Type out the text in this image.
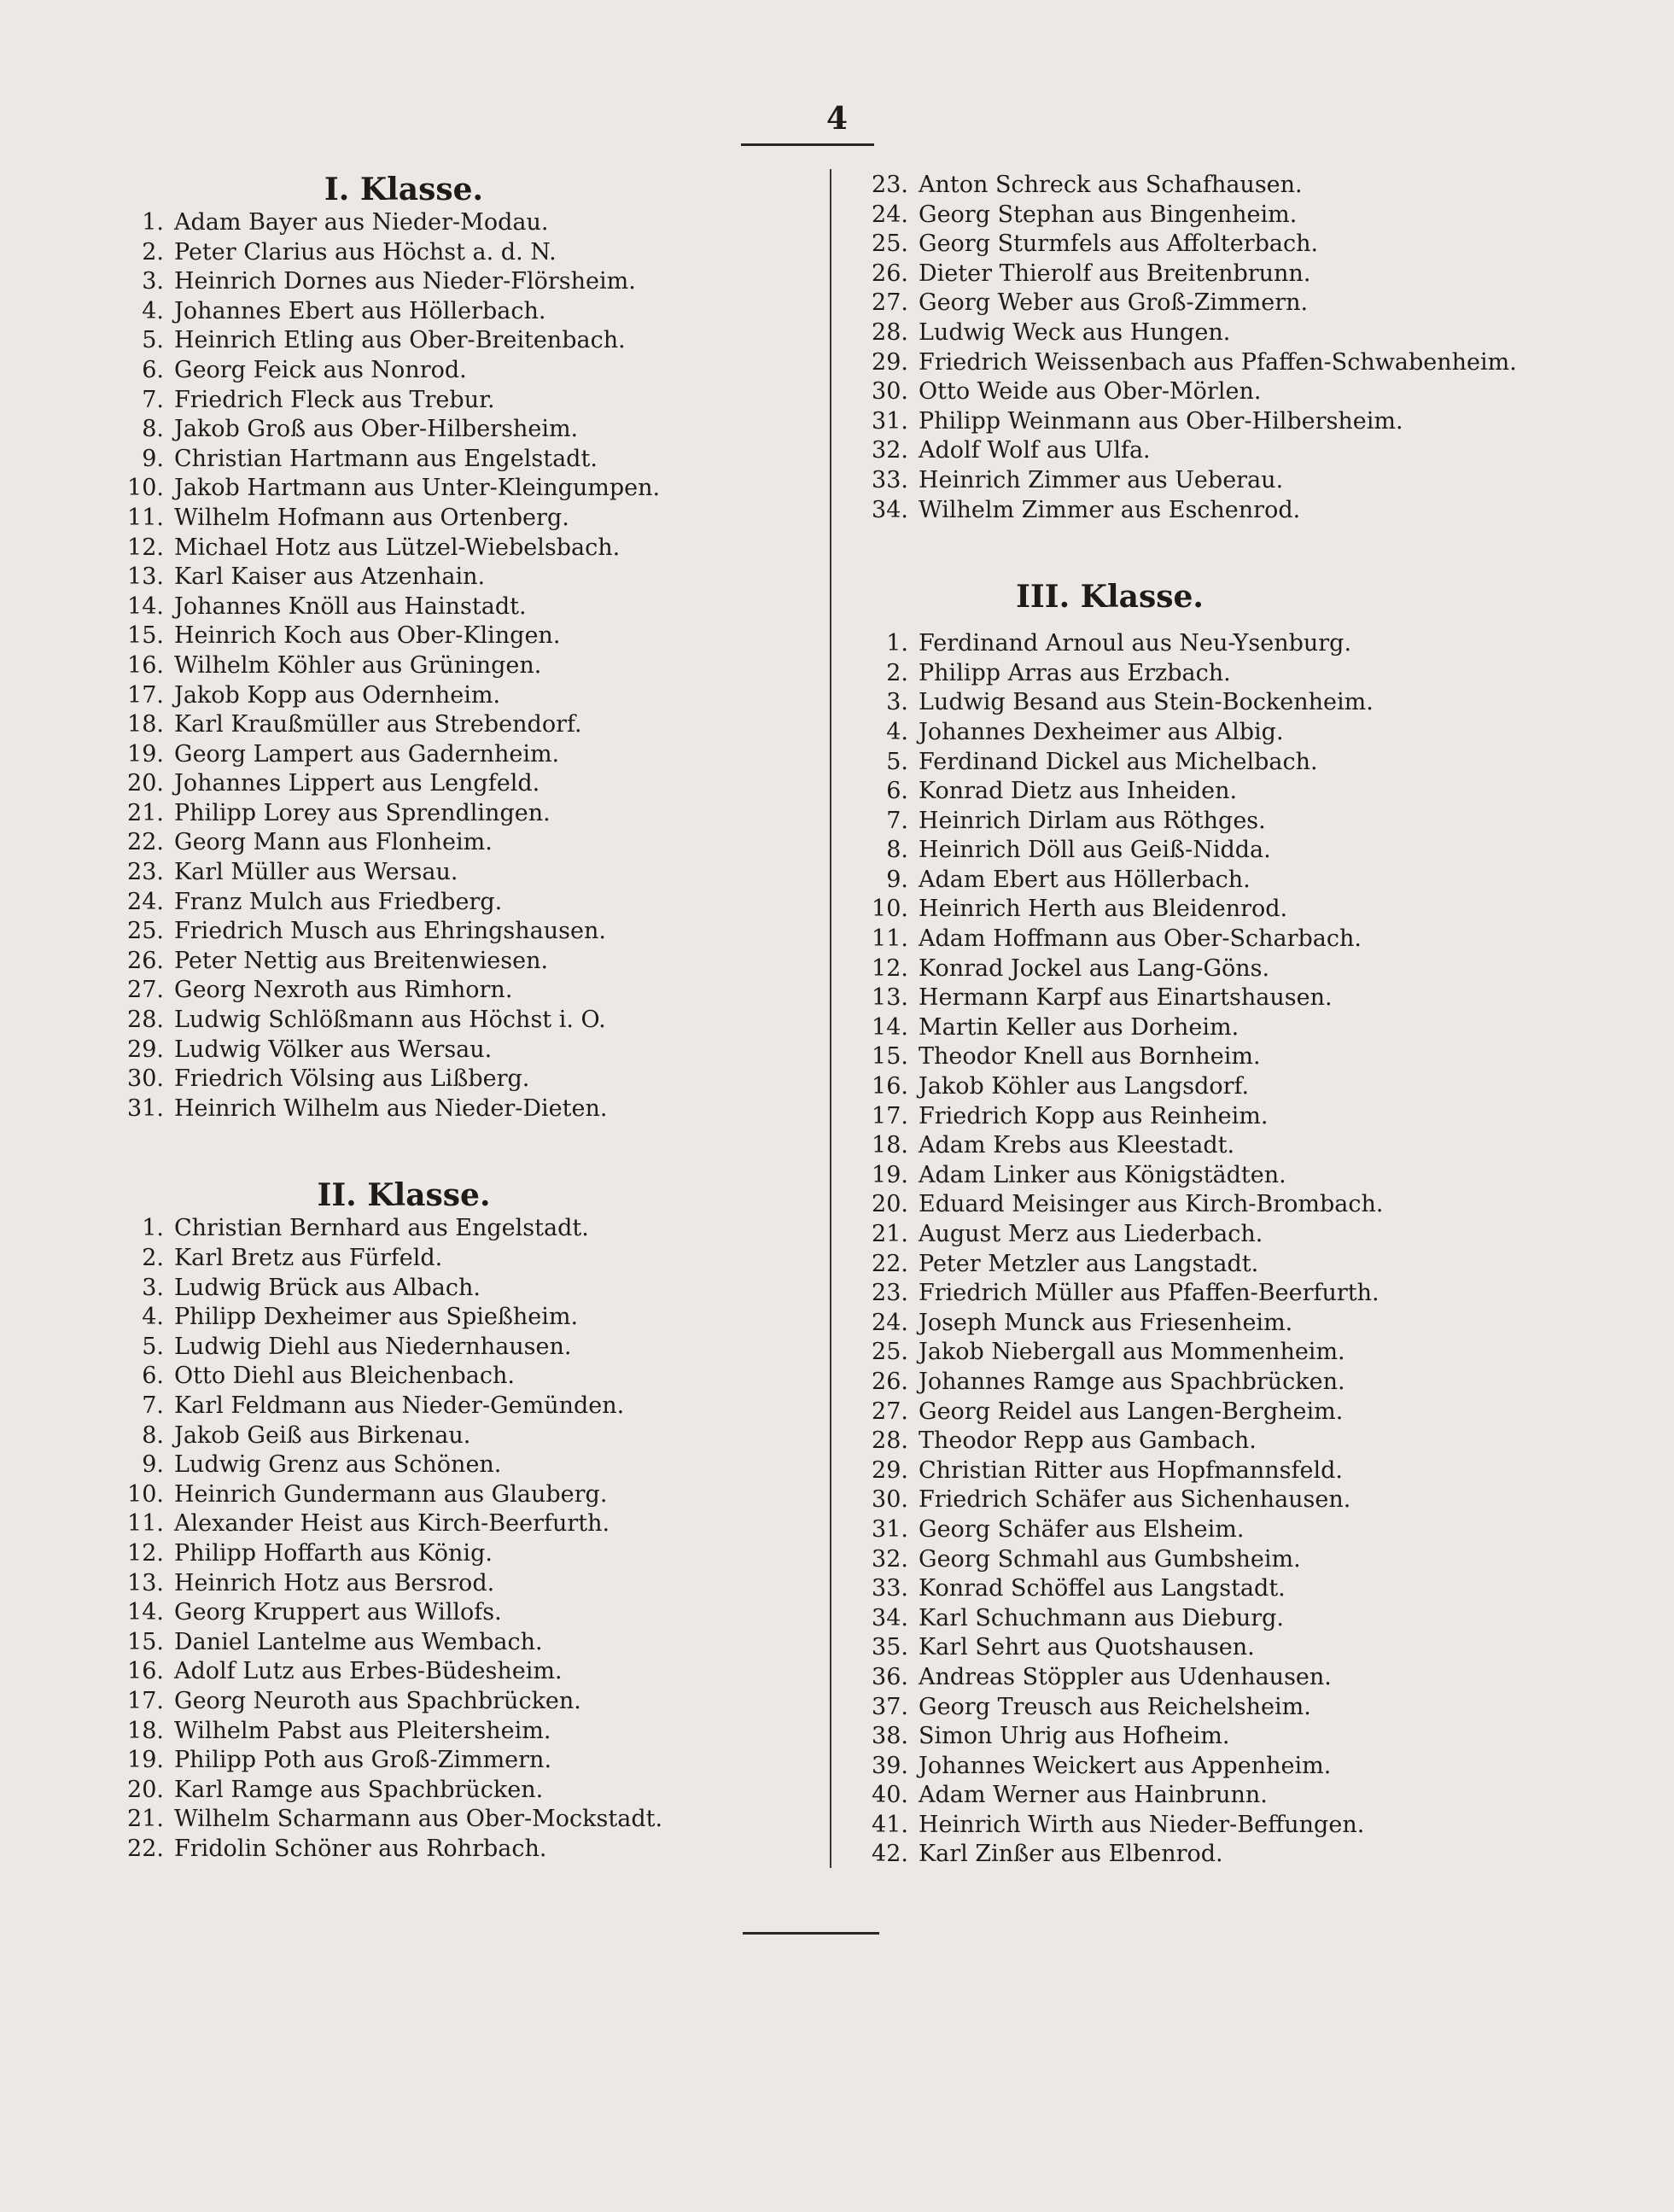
4
I. Klasse.
1. Adam Bayer aus Nieder-Modau.
2. Peter Clarius aus Höchst a. d. N.
3. Heinrich Dornes aus Nieder-Flörsheim.
4. Johannes Ebert aus Höllerbach.
5. Heinrich Etling aus Ober-Breitenbach.
6. Georg Feick aus Nonrod.
7. Friedrich Fleck aus Trebur.
8. Jakob Groß aus Ober-Hilbersheim.
9. Christian Hartmann aus Engelstadt.
10. Jakob Hartmann aus Unter-Kleingumpen.
11. Wilhelm Hofmann aus Ortenberg.
12. Michael Hotz aus Lützel-Wiebelsbach.
13. Karl Kaiser aus Atzenhain.
14. Johannes Knöll aus Hainstadt.
15. Heinrich Koch aus Ober-Klingen.
16. Wilhelm Köhler aus Grüningen.
17. Jakob Kopp aus Odernheim.
18. Karl Kraußmüller aus Strebendorf.
19. Georg Lampert aus Gadernheim.
20. Johannes Lippert aus Lengfeld.
21. Philipp Lorey aus Sprendlingen.
22. Georg Mann aus Flonheim.
23. Karl Müller aus Wersau.
24. Franz Mulch aus Friedberg.
25. Friedrich Musch aus Ehringshausen.
26. Peter Nettig aus Breitenwiesen.
27. Georg Nexroth aus Rimhorn.
28. Ludwig Schlößmann aus Höchst i. O.
29. Ludwig Völker aus Wersau.
30. Friedrich Völsing aus Lißberg.
31. Heinrich Wilhelm aus Nieder-Dieten.
II. Klasse.
1. Christian Bernhard aus Engelstadt.
2. Karl Bretz aus Fürfeld.
3. Ludwig Brück aus Albach.
4. Philipp Dexheimer aus Spießheim.
5. Ludwig Diehl aus Niedernhausen.
6. Otto Diehl aus Bleichenbach.
7. Karl Feldmann aus Nieder-Gemünden.
8. Jakob Geiß aus Birkenau.
9. Ludwig Grenz aus Schönen.
10. Heinrich Gundermann aus Glauberg.
11. Alexander Heist aus Kirch-Beerfurth.
12. Philipp Hoffarth aus König.
13. Heinrich Hotz aus Bersrod.
14. Georg Kruppert aus Willofs.
15. Daniel Lantelme aus Wembach.
16. Adolf Lutz aus Erbes-Büdesheim.
17. Georg Neuroth aus Spachbrücken.
18. Wilhelm Pabst aus Pleitersheim.
19. Philipp Poth aus Groß-Zimmern.
20. Karl Ramge aus Spachbrücken.
21. Wilhelm Scharmann aus Ober-Mockstadt.
22. Fridolin Schöner aus Rohrbach.
23. Anton Schreck aus Schafhausen.
24. Georg Stephan aus Bingenheim.
25. Georg Sturmfels aus Affolterbach.
26. Dieter Thierolf aus Breitenbrunn.
27. Georg Weber aus Groß-Zimmern.
28. Ludwig Weck aus Hungen.
29. Friedrich Weissenbach aus Pfaffen-Schwabenheim.
30. Otto Weide aus Ober-Mörlen.
31. Philipp Weinmann aus Ober-Hilbersheim.
32. Adolf Wolf aus Ulfa.
33. Heinrich Zimmer aus Ueberau.
34. Wilhelm Zimmer aus Eschenrod.
III. Klasse.
1. Ferdinand Arnoul aus Neu-Ysenburg.
2. Philipp Arras aus Erzbach.
3. Ludwig Besand aus Stein-Bockenheim.
4. Johannes Dexheimer aus Albig.
5. Ferdinand Dickel aus Michelbach.
6. Konrad Dietz aus Inheiden.
7. Heinrich Dirlam aus Röthges.
8. Heinrich Döll aus Geiß-Nidda.
9. Adam Ebert aus Höllerbach.
10. Heinrich Herth aus Bleidenrod.
11. Adam Hoffmann aus Ober-Scharbach.
12. Konrad Jockel aus Lang-Göns.
13. Hermann Karpf aus Einartshausen.
14. Martin Keller aus Dorheim.
15. Theodor Knell aus Bornheim.
16. Jakob Köhler aus Langsdorf.
17. Friedrich Kopp aus Reinheim.
18. Adam Krebs aus Kleestadt.
19. Adam Linker aus Königstädten.
20. Eduard Meisinger aus Kirch-Brombach.
21. August Merz aus Liederbach.
22. Peter Metzler aus Langstadt.
23. Friedrich Müller aus Pfaffen-Beerfurth.
24. Joseph Munck aus Friesenheim.
25. Jakob Niebergall aus Mommenheim.
26. Johannes Ramge aus Spachbrücken.
27. Georg Reidel aus Langen-Bergheim.
28. Theodor Repp aus Gambach.
29. Christian Ritter aus Hopfmannsfeld.
30. Friedrich Schäfer aus Sichenhausen.
31. Georg Schäfer aus Elsheim.
32. Georg Schmahl aus Gumbsheim.
33. Konrad Schöffel aus Langstadt.
34. Karl Schuchmann aus Dieburg.
35. Karl Sehrt aus Quotshausen.
36. Andreas Stöppler aus Udenhausen.
37. Georg Treusch aus Reichelsheim.
38. Simon Uhrig aus Hofheim.
39. Johannes Weickert aus Appenheim.
40. Adam Werner aus Hainbrunn.
41. Heinrich Wirth aus Nieder-Beffungen.
42. Karl Zinßer aus Elbenrod.
